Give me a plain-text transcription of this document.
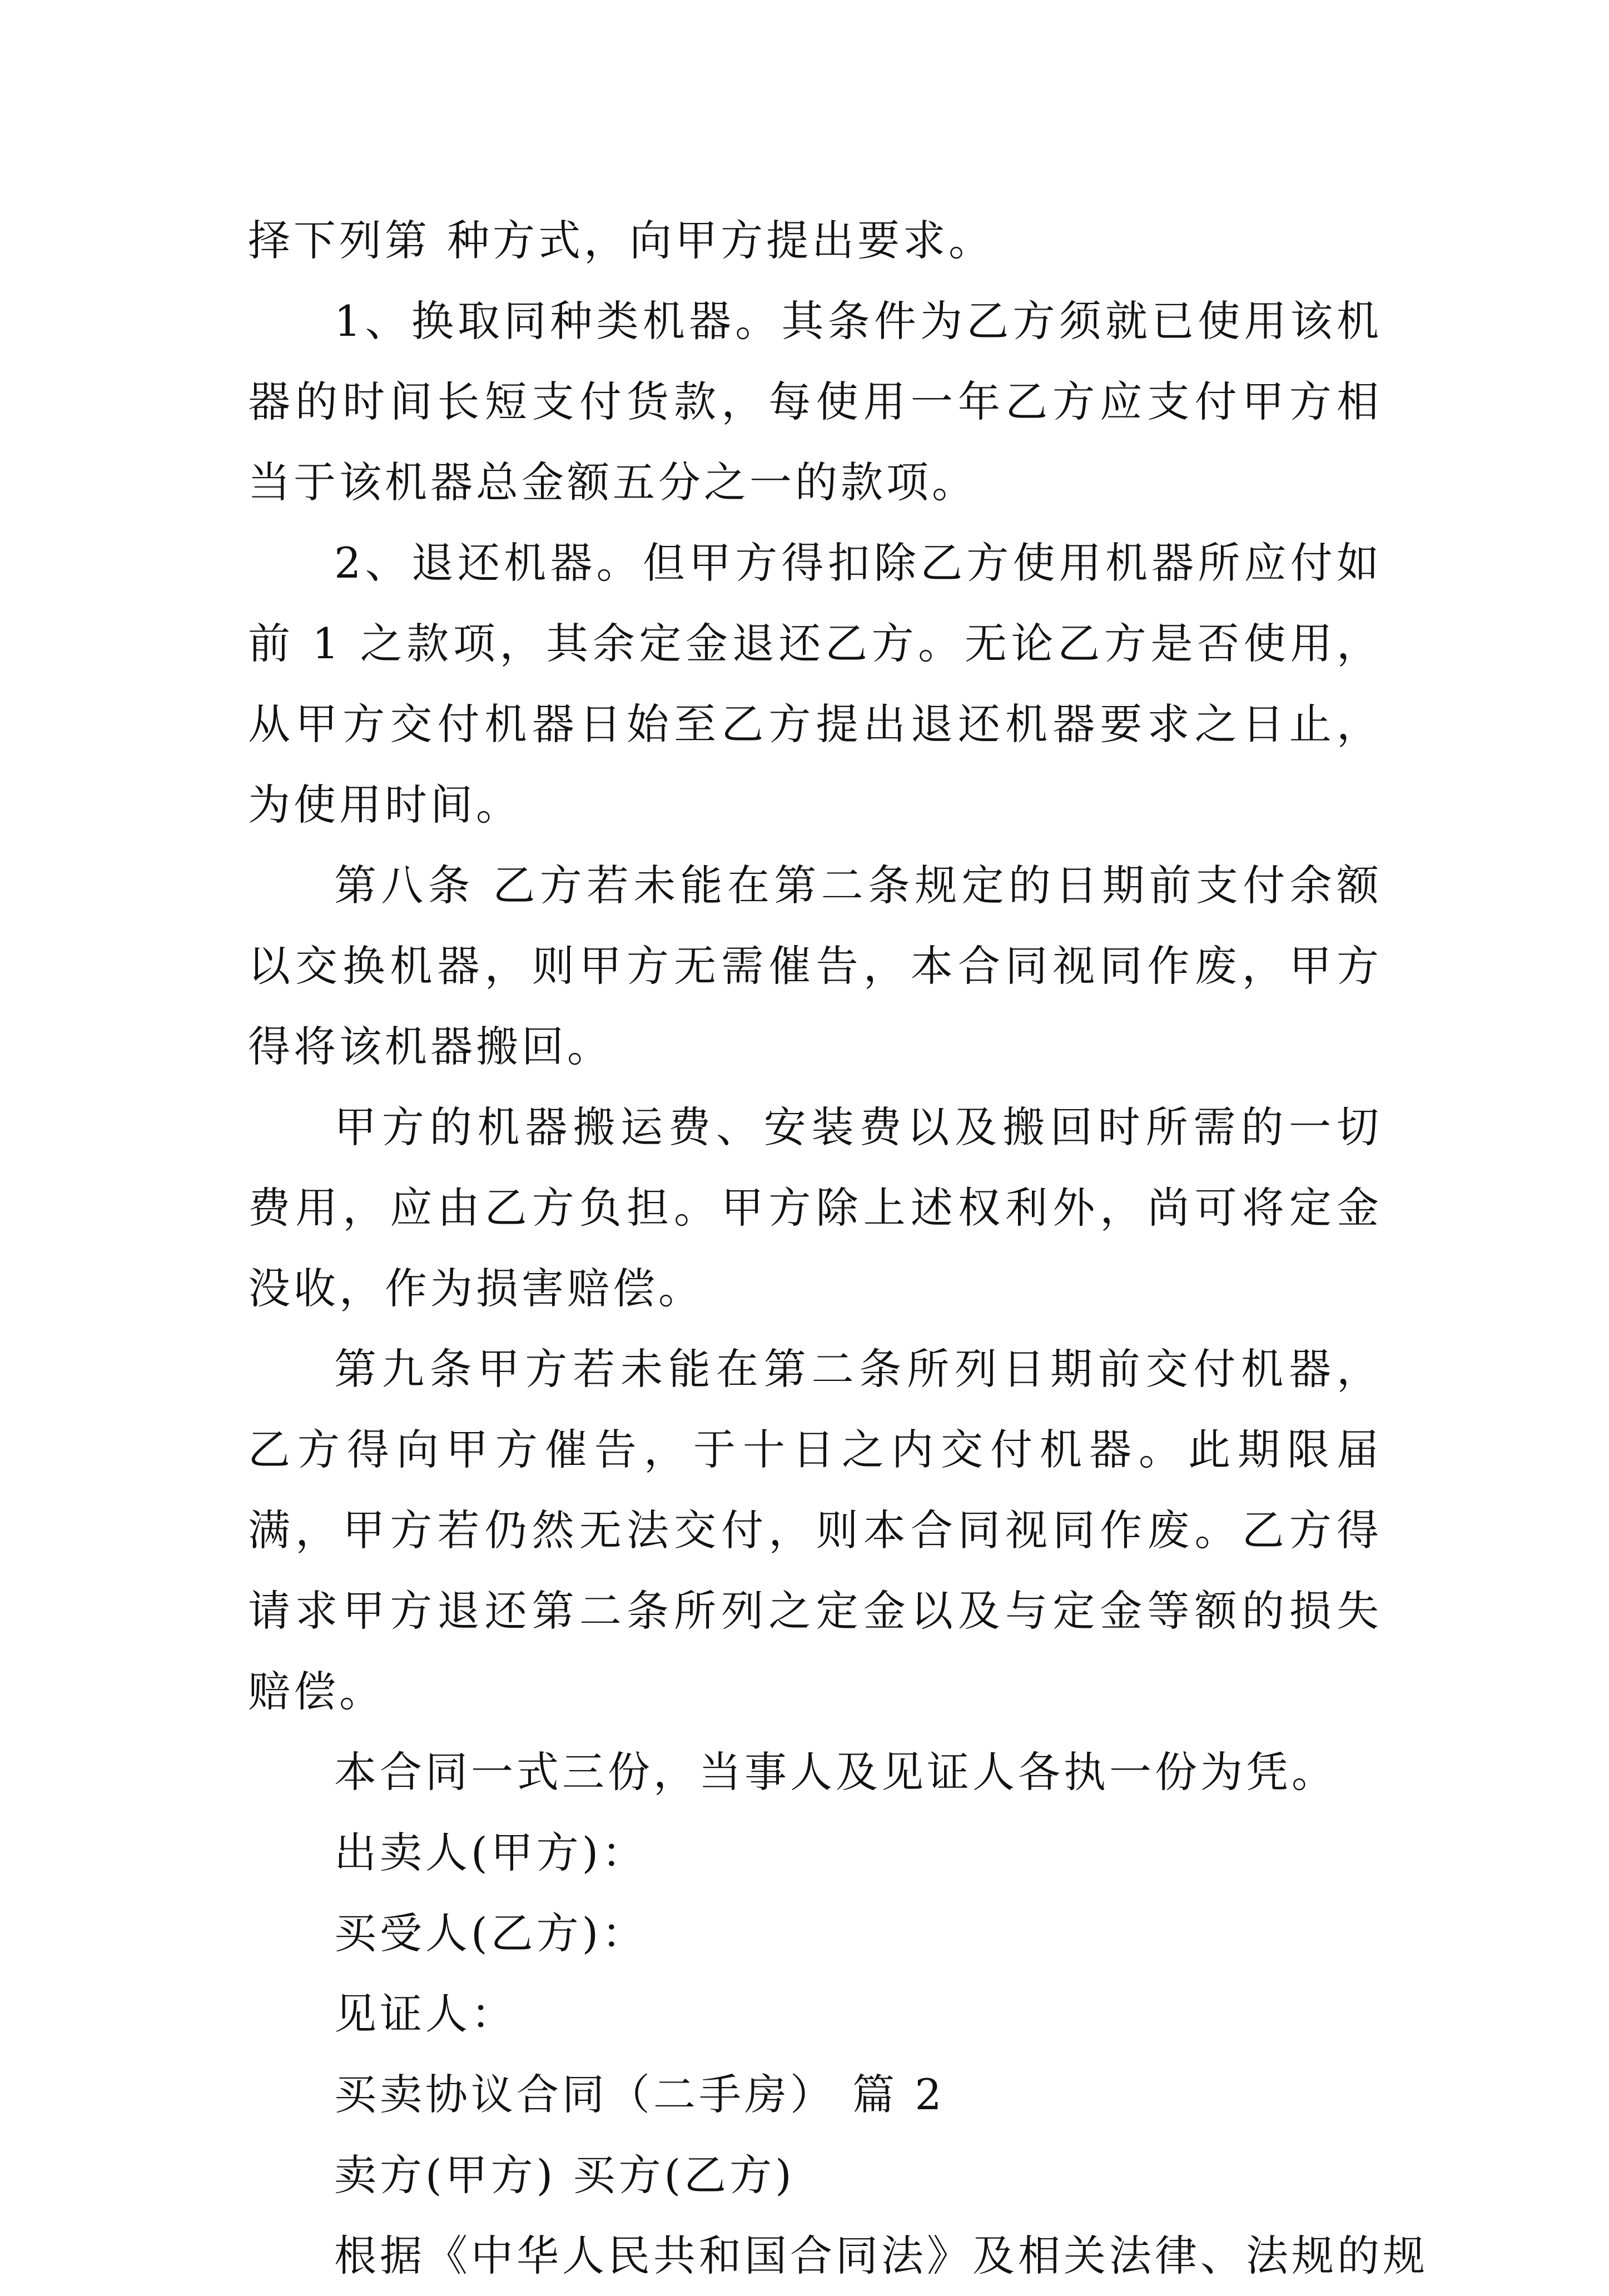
择下列第 种方式，向甲方提出要求。

1、换取同种类机器。其条件为乙方须就已使用该机器的时间长短支付货款，每使用一年乙方应支付甲方相当于该机器总金额五分之一的款项。

2、退还机器。但甲方得扣除乙方使用机器所应付如前 1 之款项，其余定金退还乙方。无论乙方是否使用，从甲方交付机器日始至乙方提出退还机器要求之日止，为使用时间。

第八条 乙方若未能在第二条规定的日期前支付余额以交换机器，则甲方无需催告，本合同视同作废，甲方得将该机器搬回。

甲方的机器搬运费、安装费以及搬回时所需的一切费用，应由乙方负担。甲方除上述权利外，尚可将定金没收，作为损害赔偿。

第九条甲方若未能在第二条所列日期前交付机器，乙方得向甲方催告，于十日之内交付机器。此期限届满，甲方若仍然无法交付，则本合同视同作废。乙方得请求甲方退还第二条所列之定金以及与定金等额的损失赔偿。

本合同一式三份，当事人及见证人各执一份为凭。

出卖人(甲方)：

买受人(乙方)：

见证人：

买卖协议合同（二手房） 篇 2

卖方(甲方) 买方(乙方)

根据《中华人民共和国合同法》及相关法律、法规的规
